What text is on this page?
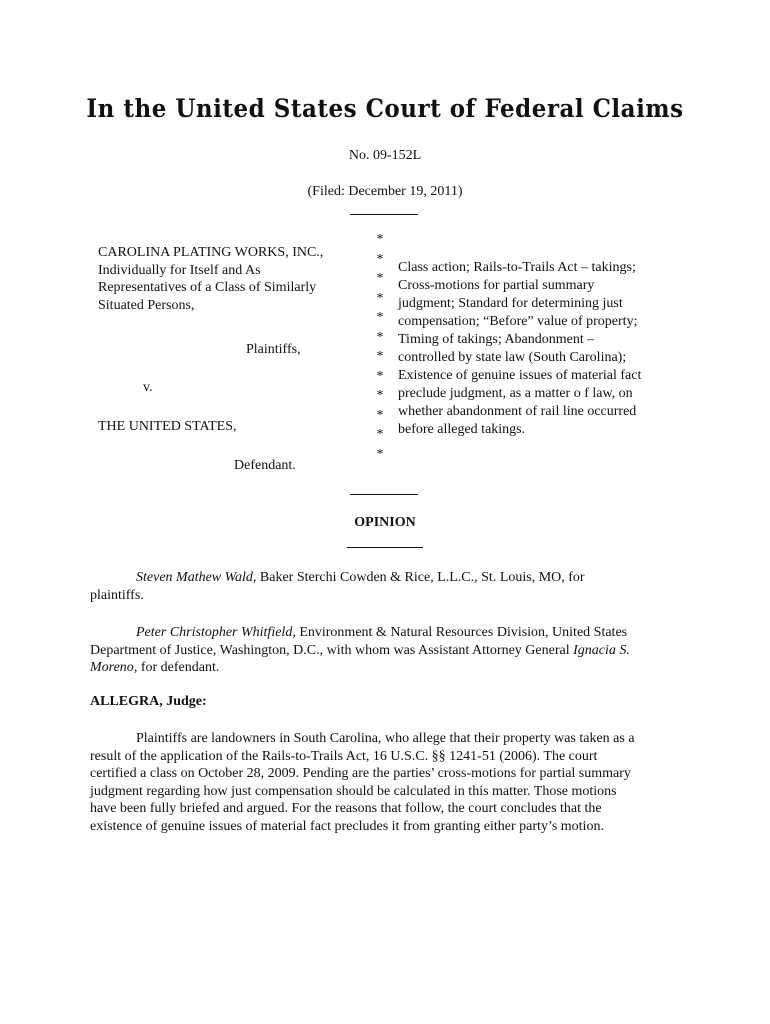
In the United States Court of Federal Claims
No. 09-152L
(Filed: December 19, 2011)
CAROLINA PLATING WORKS, INC.,
Individually for Itself and As
Representatives of a Class of Similarly
Situated Persons,
Plaintiffs,
v.
THE UNITED STATES,
Defendant.
*
*
*
*
*
*
*
*
*
*
*
*
Class action; Rails-to-Trails Act – takings;
Cross-motions for partial summary
judgment; Standard for determining just
compensation; “Before” value of property;
Timing of takings; Abandonment –
controlled by state law (South Carolina);
Existence of genuine issues of material fact
preclude judgment, as a matter o f law, on
whether abandonment of rail line occurred
before alleged takings.
OPINION
Steven Mathew Wald, Baker Sterchi Cowden & Rice, L.L.C., St. Louis, MO, for
plaintiffs.
Peter Christopher Whitfield, Environment & Natural Resources Division, United States
Department of Justice, Washington, D.C., with whom was Assistant Attorney General Ignacia S.
Moreno, for defendant.
ALLEGRA, Judge:
Plaintiffs are landowners in South Carolina, who allege that their property was taken as a
result of the application of the Rails-to-Trails Act, 16 U.S.C. §§ 1241-51 (2006). The court
certified a class on October 28, 2009. Pending are the parties’ cross-motions for partial summary
judgment regarding how just compensation should be calculated in this matter. Those motions
have been fully briefed and argued. For the reasons that follow, the court concludes that the
existence of genuine issues of material fact precludes it from granting either party’s motion.
